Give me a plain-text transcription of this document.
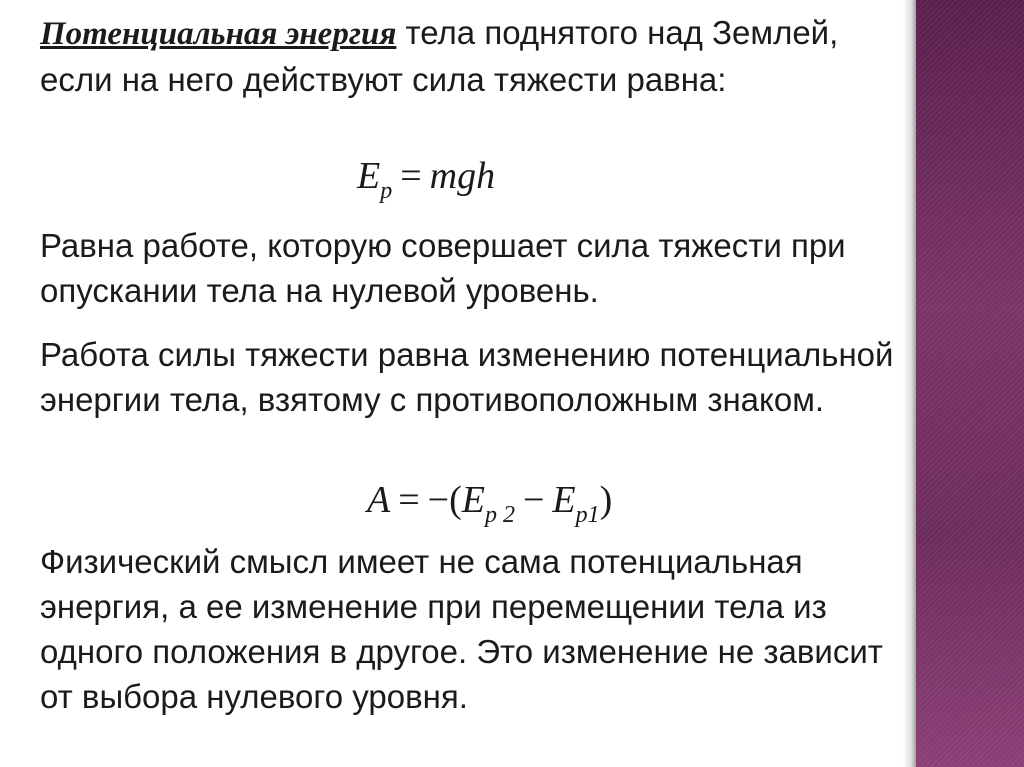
Потенциальная энергия тела поднятого над Землей, если на него действуют сила тяжести равна:

$E_p$ = mgh

Равна работе, которую совершает сила тяжести при опускании тела на нулевой уровень.

Работа силы тяжести равна изменению потенциальной энергии тела, взятому с противоположным знаком.

$A = -(E_{p 2} - E_{p1})$

Физический смысл имеет не сама потенциальная энергия, а ее изменение при перемещении тела из одного положения в другое. Это изменение не зависит от выбора нулевого уровня.
